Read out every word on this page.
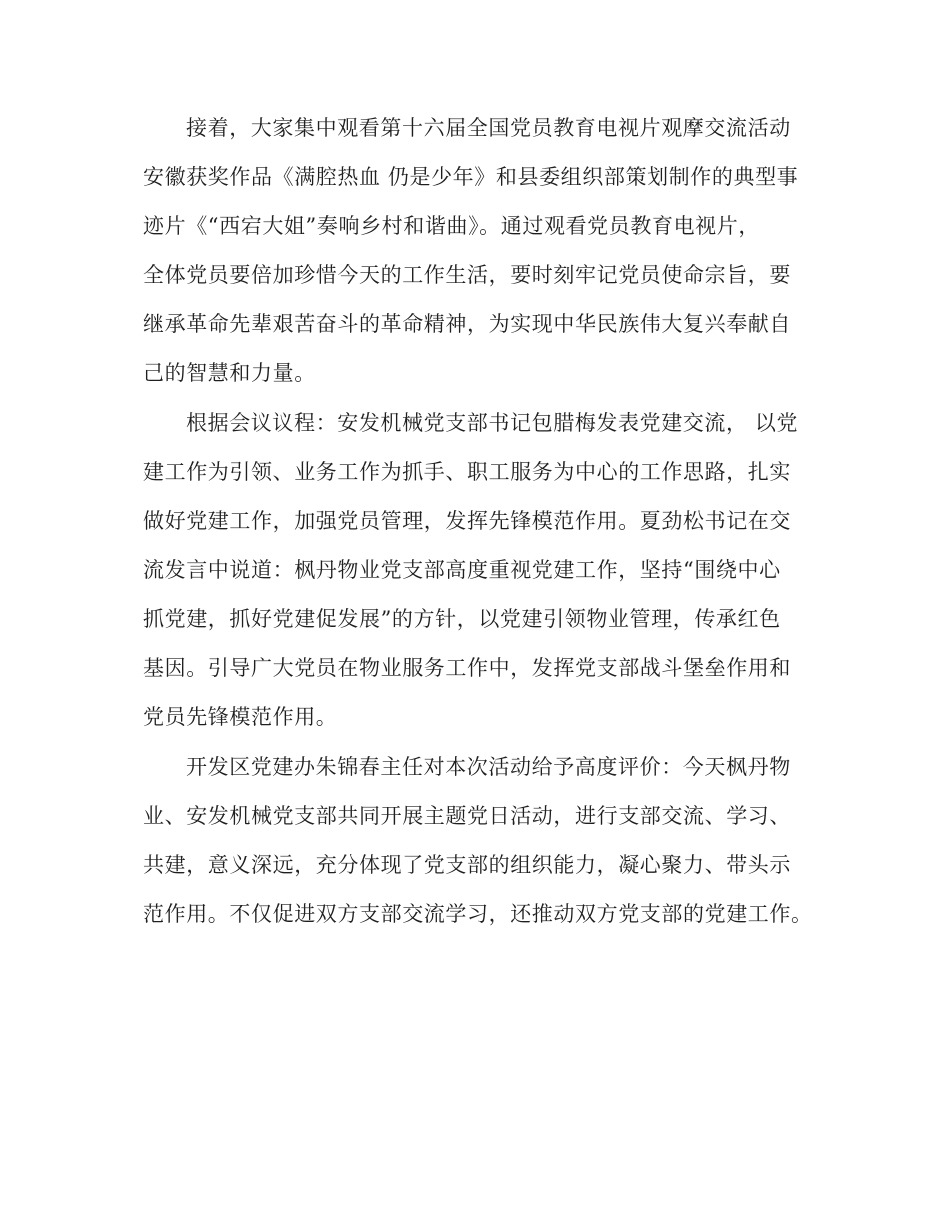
接着，大家集中观看第十六届全国党员教育电视片观摩交流活动

安徽获奖作品《满腔热血 仍是少年》和县委组织部策划制作的典型事

迹片《“西宕大姐”奏响乡村和谐曲》。通过观看党员教育电视片，

全体党员要倍加珍惜今天的工作生活，要时刻牢记党员使命宗旨，要

继承革命先辈艰苦奋斗的革命精神，为实现中华民族伟大复兴奉献自

己的智慧和力量。

根据会议议程：安发机械党支部书记包腊梅发表党建交流， 以党

建工作为引领、业务工作为抓手、职工服务为中心的工作思路，扎实

做好党建工作，加强党员管理，发挥先锋模范作用。夏劲松书记在交

流发言中说道：枫丹物业党支部高度重视党建工作，坚持“围绕中心

抓党建，抓好党建促发展”的方针，以党建引领物业管理，传承红色

基因。引导广大党员在物业服务工作中，发挥党支部战斗堡垒作用和

党员先锋模范作用。

开发区党建办朱锦春主任对本次活动给予高度评价：今天枫丹物

业、安发机械党支部共同开展主题党日活动，进行支部交流、学习、

共建，意义深远，充分体现了党支部的组织能力，凝心聚力、带头示

范作用。不仅促进双方支部交流学习，还推动双方党支部的党建工作。
